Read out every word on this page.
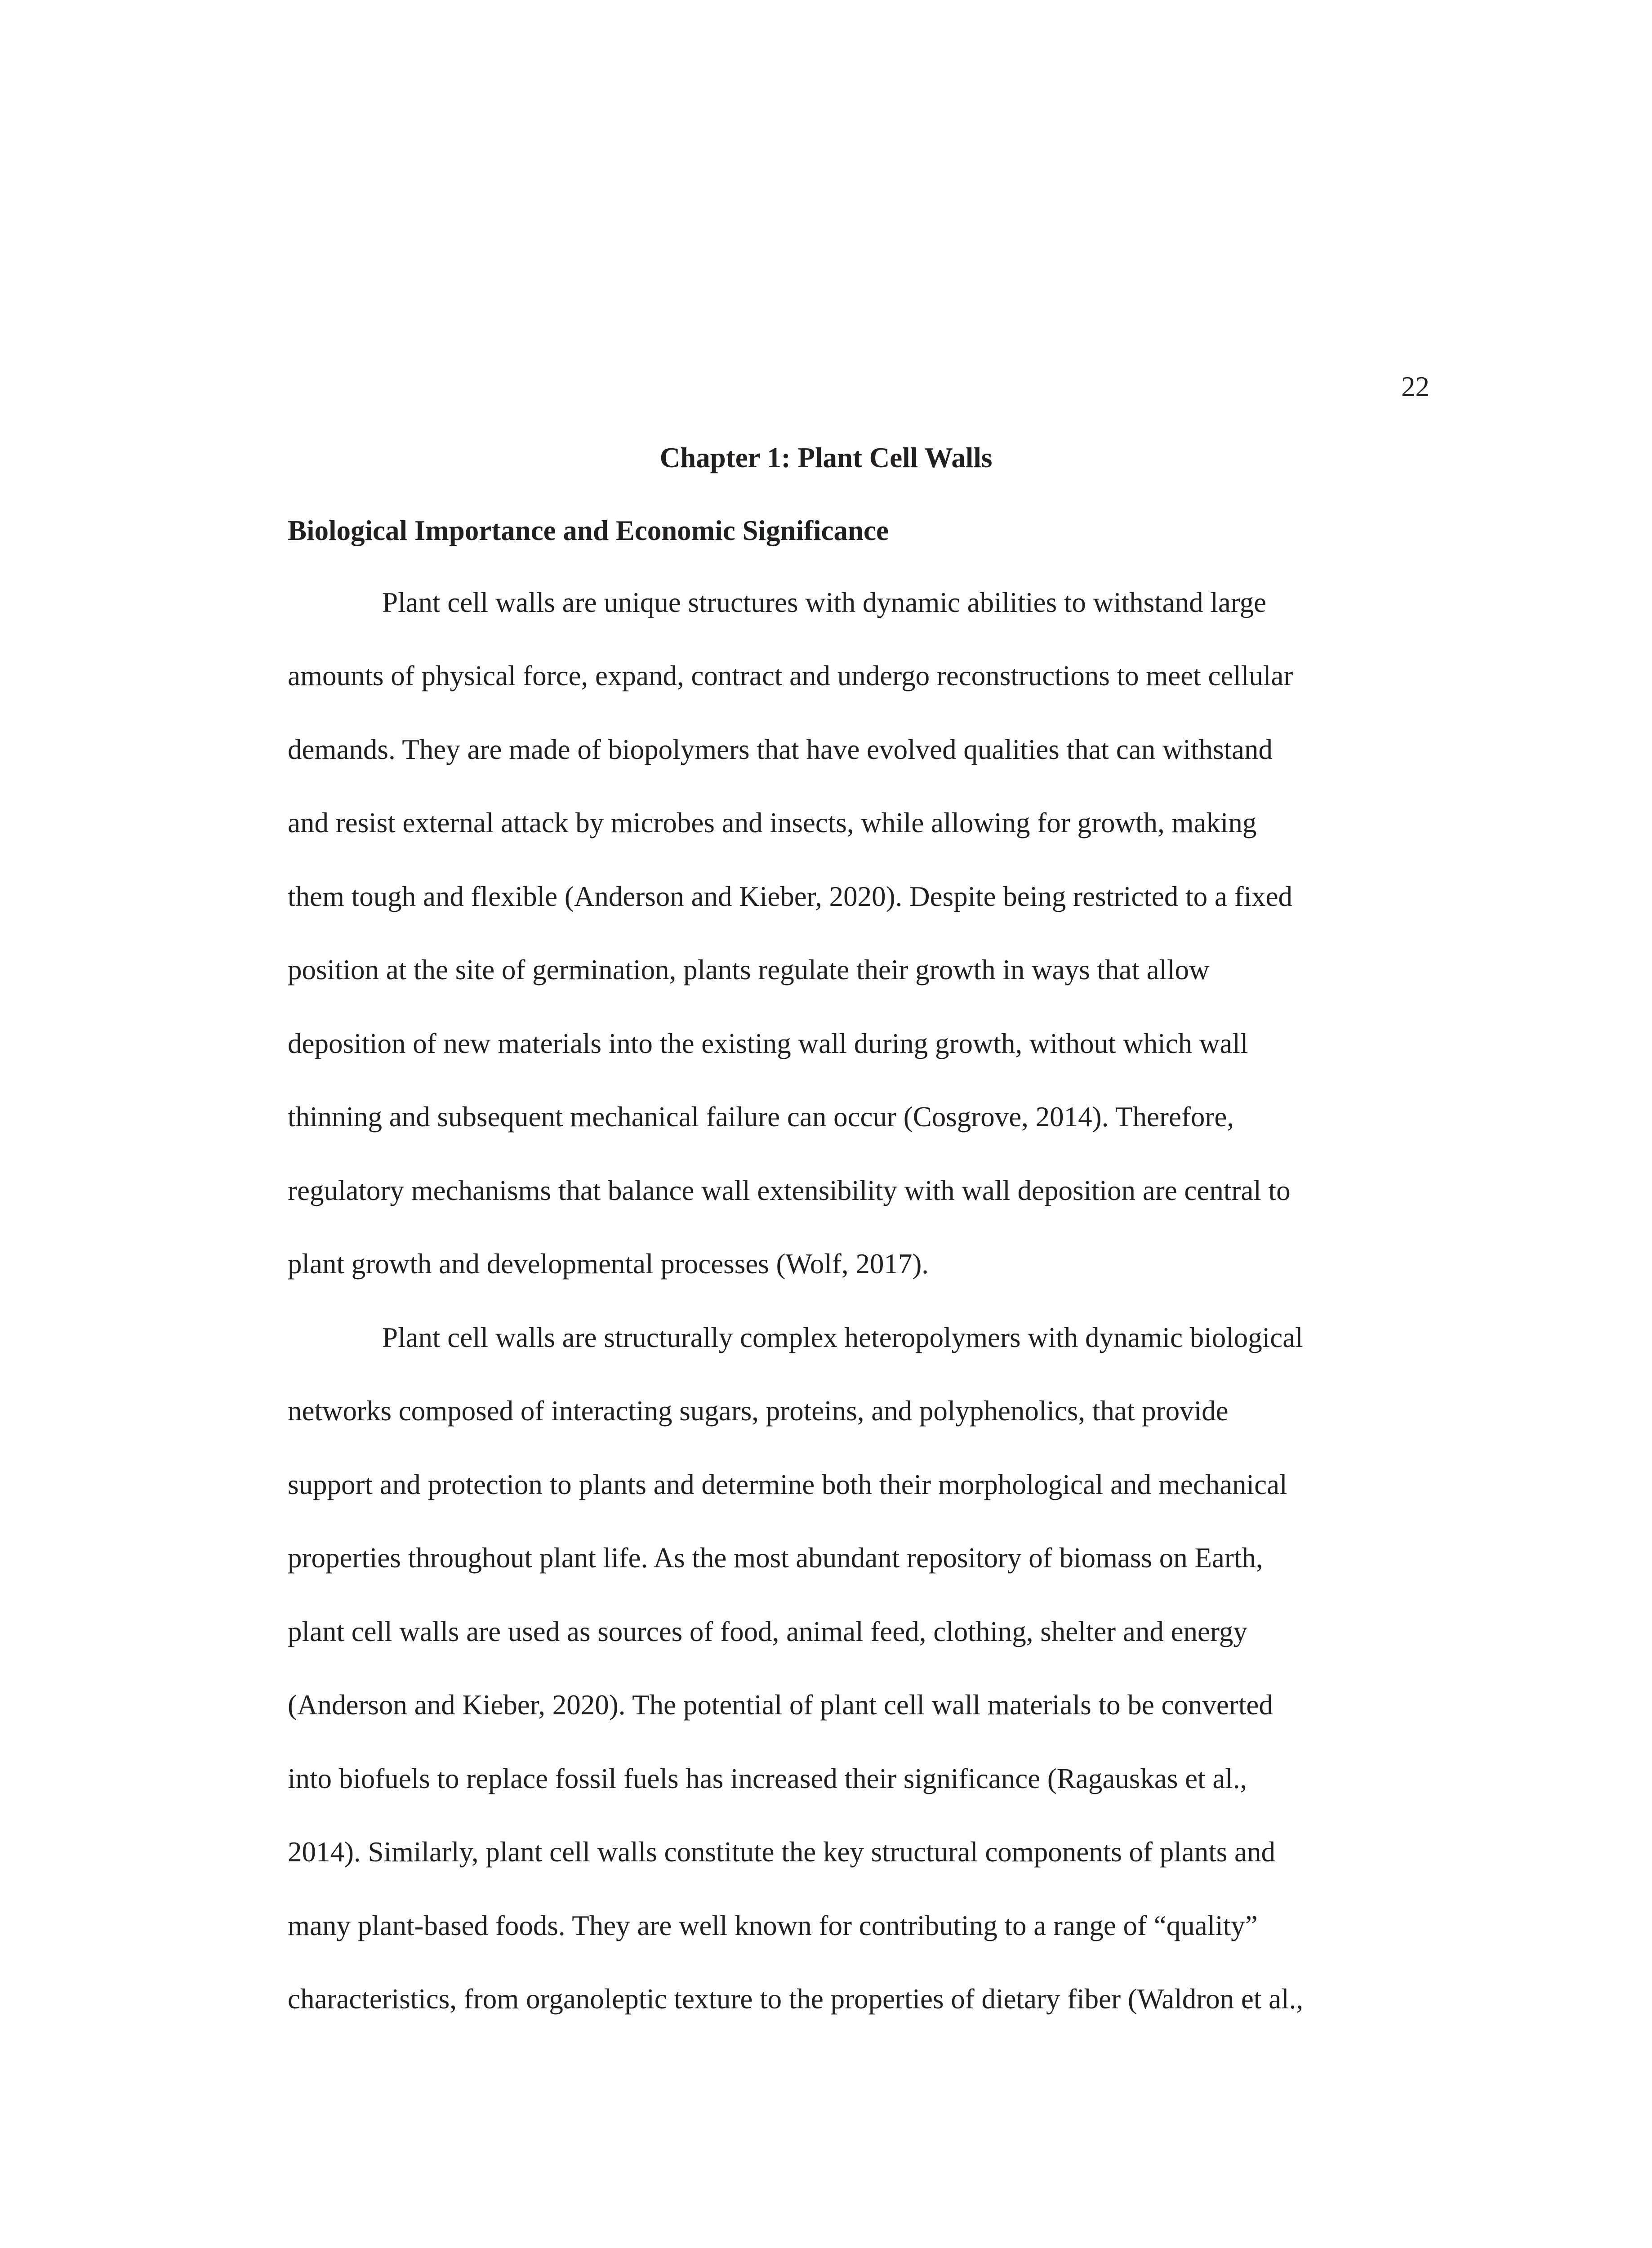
22

Chapter 1: Plant Cell Walls
Biological Importance and Economic Significance

Plant cell walls are unique structures with dynamic abilities to withstand large

amounts of physical force, expand, contract and undergo reconstructions to meet cellular

demands. They are made of biopolymers that have evolved qualities that can withstand

and resist external attack by microbes and insects, while allowing for growth, making

them tough and flexible (Anderson and Kieber, 2020). Despite being restricted to a fixed

position at the site of germination, plants regulate their growth in ways that allow

deposition of new materials into the existing wall during growth, without which wall

thinning and subsequent mechanical failure can occur (Cosgrove, 2014). Therefore,

regulatory mechanisms that balance wall extensibility with wall deposition are central to

plant growth and developmental processes (Wolf, 2017).

Plant cell walls are structurally complex heteropolymers with dynamic biological

networks composed of interacting sugars, proteins, and polyphenolics, that provide

support and protection to plants and determine both their morphological and mechanical

properties throughout plant life. As the most abundant repository of biomass on Earth,

plant cell walls are used as sources of food, animal feed, clothing, shelter and energy

(Anderson and Kieber, 2020). The potential of plant cell wall materials to be converted

into biofuels to replace fossil fuels has increased their significance (Ragauskas et al.,

2014). Similarly, plant cell walls constitute the key structural components of plants and

many plant-based foods. They are well known for contributing to a range of “quality”

characteristics, from organoleptic texture to the properties of dietary fiber (Waldron et al.,
